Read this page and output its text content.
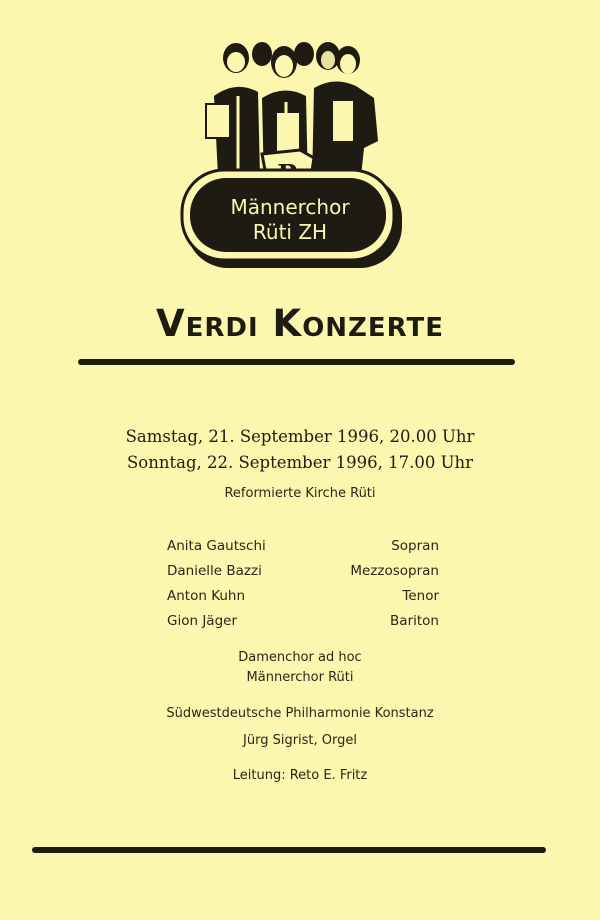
Männerchor
Rüti ZH
Verdi Konzerte
Samstag, 21. September 1996, 20.00 Uhr
Sonntag, 22. September 1996, 17.00 Uhr
Reformierte Kirche Rüti
Anita Gautschi	Sopran
Danielle Bazzi	Mezzosopran
Anton Kuhn	Tenor
Gion Jäger	Bariton
Damenchor ad hoc
Männerchor Rüti
Südwestdeutsche Philharmonie Konstanz
Jürg Sigrist, Orgel
Leitung: Reto E. Fritz
